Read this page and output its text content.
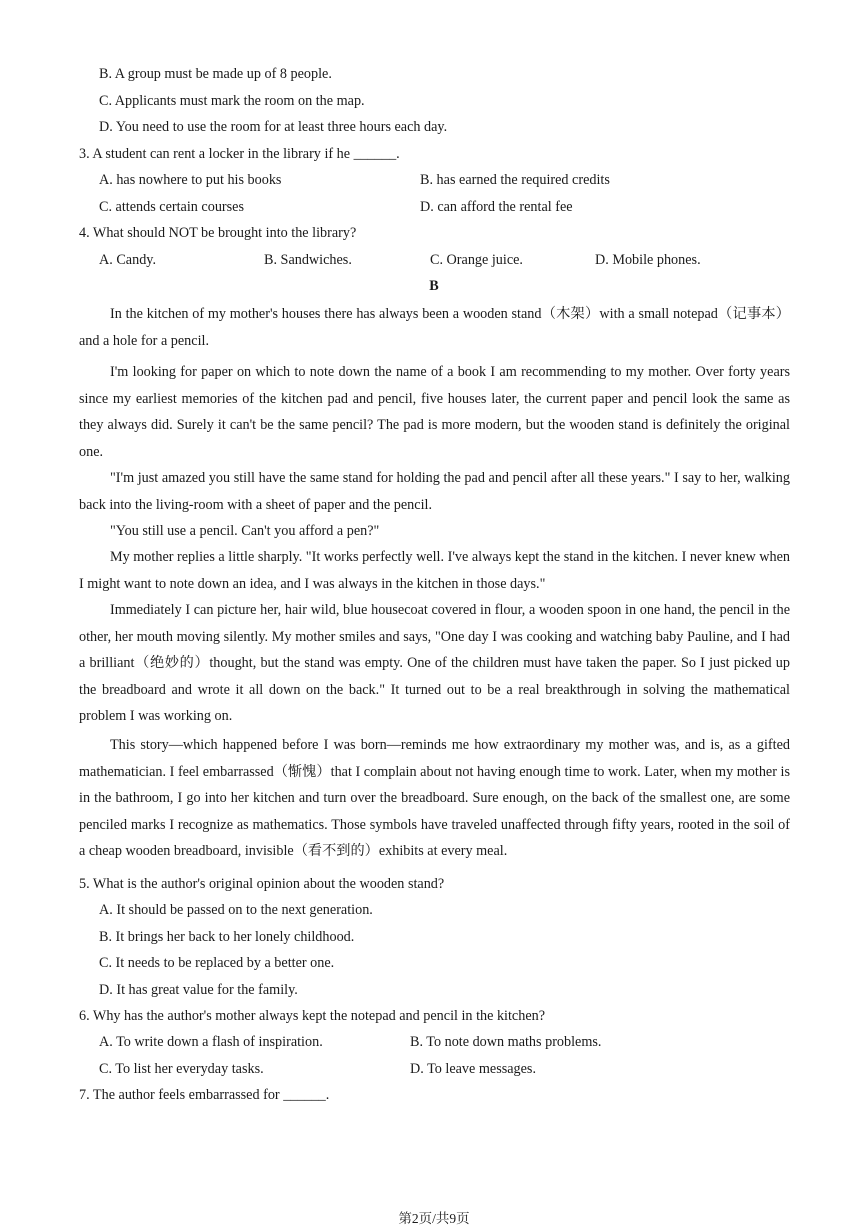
B. A group must be made up of 8 people.
C. Applicants must mark the room on the map.
D. You need to use the room for at least three hours each day.
3. A student can rent a locker in the library if he ______.
A. has nowhere to put his books	B. has earned the required credits
C. attends certain courses	D. can afford the rental fee
4. What should NOT be brought into the library?
A. Candy.	B. Sandwiches.	C. Orange juice.	D. Mobile phones.
B
In the kitchen of my mother's houses there has always been a wooden stand（木架）with a small notepad（记事本）and a hole for a pencil.
I'm looking for paper on which to note down the name of a book I am recommending to my mother. Over forty years since my earliest memories of the kitchen pad and pencil, five houses later, the current paper and pencil look the same as they always did. Surely it can't be the same pencil? The pad is more modern, but the wooden stand is definitely the original one.
"I'm just amazed you still have the same stand for holding the pad and pencil after all these years." I say to her, walking back into the living-room with a sheet of paper and the pencil.
"You still use a pencil. Can't you afford a pen?"
My mother replies a little sharply. "It works perfectly well. I've always kept the stand in the kitchen. I never knew when I might want to note down an idea, and I was always in the kitchen in those days."
Immediately I can picture her, hair wild, blue housecoat covered in flour, a wooden spoon in one hand, the pencil in the other, her mouth moving silently. My mother smiles and says, "One day I was cooking and watching baby Pauline, and I had a brilliant（绝妙的）thought, but the stand was empty. One of the children must have taken the paper. So I just picked up the breadboard and wrote it all down on the back." It turned out to be a real breakthrough in solving the mathematical problem I was working on.
This story—which happened before I was born—reminds me how extraordinary my mother was, and is, as a gifted mathematician. I feel embarrassed（惭愧）that I complain about not having enough time to work. Later, when my mother is in the bathroom, I go into her kitchen and turn over the breadboard. Sure enough, on the back of the smallest one, are some penciled marks I recognize as mathematics. Those symbols have traveled unaffected through fifty years, rooted in the soil of a cheap wooden breadboard, invisible（看不到的）exhibits at every meal.
5. What is the author's original opinion about the wooden stand?
A. It should be passed on to the next generation.
B. It brings her back to her lonely childhood.
C. It needs to be replaced by a better one.
D. It has great value for the family.
6. Why has the author's mother always kept the notepad and pencil in the kitchen?
A. To write down a flash of inspiration.	B. To note down maths problems.
C. To list her everyday tasks.	D. To leave messages.
7. The author feels embarrassed for ______.
第2页/共9页
